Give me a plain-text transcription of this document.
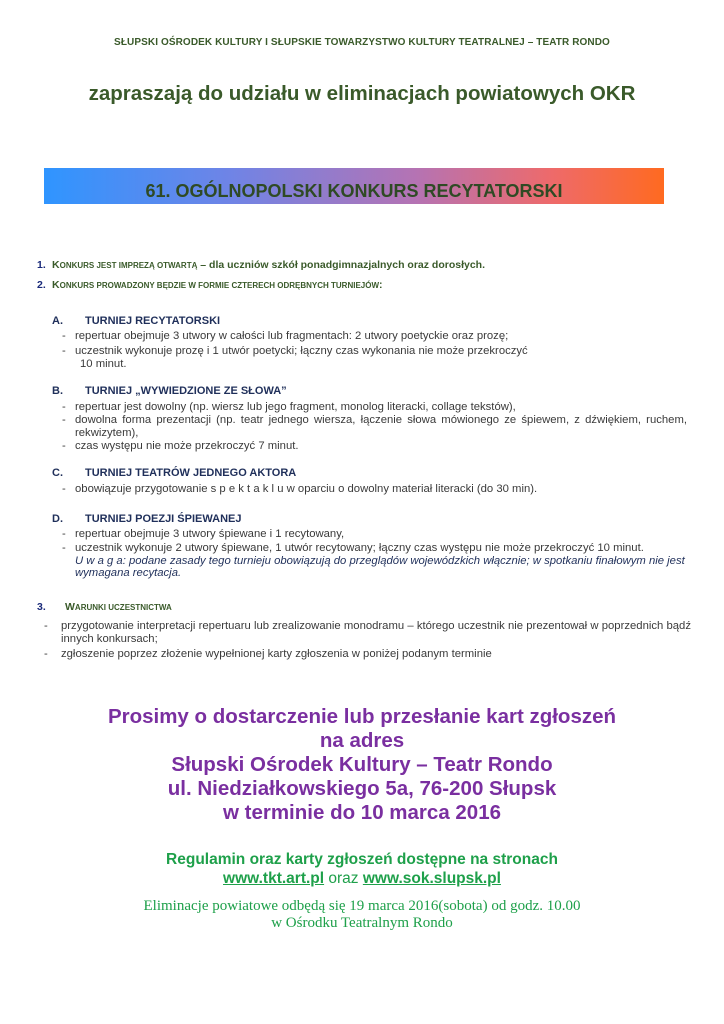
SŁUPSKI OŚRODEK KULTURY I SŁUPSKIE TOWARZYSTWO KULTURY TEATRALNEJ – TEATR RONDO
zapraszają do udziału w eliminacjach powiatowych OKR
61. OGÓLNOPOLSKI KONKURS RECYTATORSKI
1. KONKURS JEST IMPREZĄ OTWARTĄ – dla uczniów szkół ponadgimnazjalnych oraz dorosłych.
2. KONKURS PROWADZONY BĘDZIE W FORMIE CZTERECH ODRĘBNYCH TURNIEJÓW:
A. TURNIEJ RECYTATORSKI
- repertuar obejmuje 3 utwory w całości lub fragmentach: 2 utwory poetyckie oraz prozę;
- uczestnik wykonuje prozę i 1 utwór poetycki; łączny czas wykonania nie może przekroczyć
10 minut.
B. TURNIEJ „WYWIEDZIONE ZE SŁOWA”
- repertuar jest dowolny (np. wiersz lub jego fragment, monolog literacki, collage tekstów),
- dowolna forma prezentacji (np. teatr jednego wiersza, łączenie słowa mówionego ze śpiewem, z dźwiękiem, ruchem, rekwizytem),
- czas występu nie może przekroczyć 7 minut.
C. TURNIEJ TEATRÓW JEDNEGO AKTORA
- obowiązuje przygotowanie s p e k t a k l u w oparciu o dowolny materiał literacki (do 30 min).
D. TURNIEJ POEZJI ŚPIEWANEJ
- repertuar obejmuje 3 utwory śpiewane i 1 recytowany,
- uczestnik wykonuje 2 utwory śpiewane, 1 utwór recytowany; łączny czas występu nie może przekroczyć 10 minut.
U w a g a: podane zasady tego turnieju obowiązują do przeglądów wojewódzkich włącznie; w spotkaniu finałowym nie jest wymagana recytacja.
3. WARUNKI UCZESTNICTWA
- przygotowanie interpretacji repertuaru lub zrealizowanie monodramu – którego uczestnik nie prezentował w poprzednich bądź innych konkursach;
- zgłoszenie poprzez złożenie wypełnionej karty zgłoszenia w poniżej podanym terminie
Prosimy o dostarczenie lub przesłanie kart zgłoszeń
na adres
Słupski Ośrodek Kultury – Teatr Rondo
ul. Niedziałkowskiego 5a, 76-200 Słupsk
w terminie do 10 marca 2016
Regulamin oraz karty zgłoszeń dostępne na stronach
www.tkt.art.pl oraz www.sok.slupsk.pl
Eliminacje powiatowe odbędą się 19 marca 2016(sobota) od godz. 10.00
w Ośrodku Teatralnym Rondo
